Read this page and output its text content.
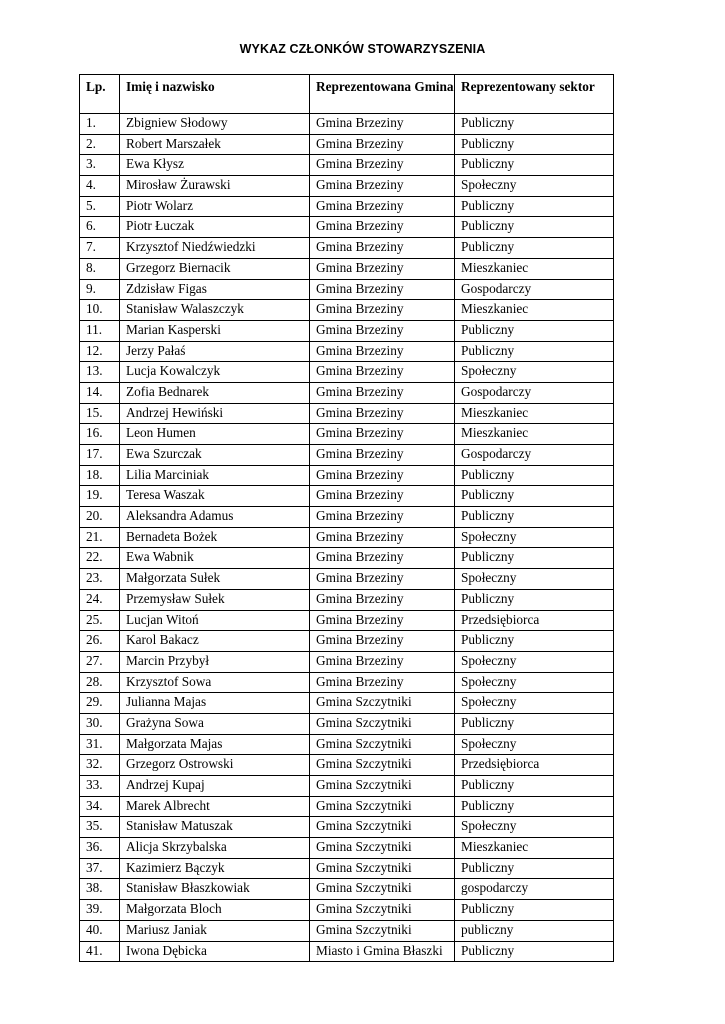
WYKAZ CZŁONKÓW STOWARZYSZENIA
Lp.	Imię i nazwisko	Reprezentowana Gmina	Reprezentowany sektor
1.	Zbigniew Słodowy	Gmina Brzeziny	Publiczny
2.	Robert Marszałek	Gmina Brzeziny	Publiczny
3.	Ewa Kłysz	Gmina Brzeziny	Publiczny
4.	Mirosław Żurawski	Gmina Brzeziny	Społeczny
5.	Piotr Wolarz	Gmina Brzeziny	Publiczny
6.	Piotr Łuczak	Gmina Brzeziny	Publiczny
7.	Krzysztof Niedźwiedzki	Gmina Brzeziny	Publiczny
8.	Grzegorz Biernacik	Gmina Brzeziny	Mieszkaniec
9.	Zdzisław Figas	Gmina Brzeziny	Gospodarczy
10.	Stanisław Walaszczyk	Gmina Brzeziny	Mieszkaniec
11.	Marian Kasperski	Gmina Brzeziny	Publiczny
12.	Jerzy Pałaś	Gmina Brzeziny	Publiczny
13.	Lucja Kowalczyk	Gmina Brzeziny	Społeczny
14.	Zofia Bednarek	Gmina Brzeziny	Gospodarczy
15.	Andrzej Hewiński	Gmina Brzeziny	Mieszkaniec
16.	Leon Humen	Gmina Brzeziny	Mieszkaniec
17.	Ewa Szurczak	Gmina Brzeziny	Gospodarczy
18.	Lilia Marciniak	Gmina Brzeziny	Publiczny
19.	Teresa Waszak	Gmina Brzeziny	Publiczny
20.	Aleksandra Adamus	Gmina Brzeziny	Publiczny
21.	Bernadeta Bożek	Gmina Brzeziny	Społeczny
22.	Ewa Wabnik	Gmina Brzeziny	Publiczny
23.	Małgorzata Sułek	Gmina Brzeziny	Społeczny
24.	Przemysław Sułek	Gmina Brzeziny	Publiczny
25.	Lucjan Witoń	Gmina Brzeziny	Przedsiębiorca
26.	Karol Bakacz	Gmina Brzeziny	Publiczny
27.	Marcin Przybył	Gmina Brzeziny	Społeczny
28.	Krzysztof Sowa	Gmina Brzeziny	Społeczny
29.	Julianna Majas	Gmina Szczytniki	Społeczny
30.	Grażyna Sowa	Gmina Szczytniki	Publiczny
31.	Małgorzata Majas	Gmina Szczytniki	Społeczny
32.	Grzegorz Ostrowski	Gmina Szczytniki	Przedsiębiorca
33.	Andrzej Kupaj	Gmina Szczytniki	Publiczny
34.	Marek Albrecht	Gmina Szczytniki	Publiczny
35.	Stanisław Matuszak	Gmina Szczytniki	Społeczny
36.	Alicja Skrzybalska	Gmina Szczytniki	Mieszkaniec
37.	Kazimierz Bączyk	Gmina Szczytniki	Publiczny
38.	Stanisław Błaszkowiak	Gmina Szczytniki	gospodarczy
39.	Małgorzata Bloch	Gmina Szczytniki	Publiczny
40.	Mariusz Janiak	Gmina Szczytniki	publiczny
41.	Iwona Dębicka	Miasto i Gmina Błaszki	Publiczny
